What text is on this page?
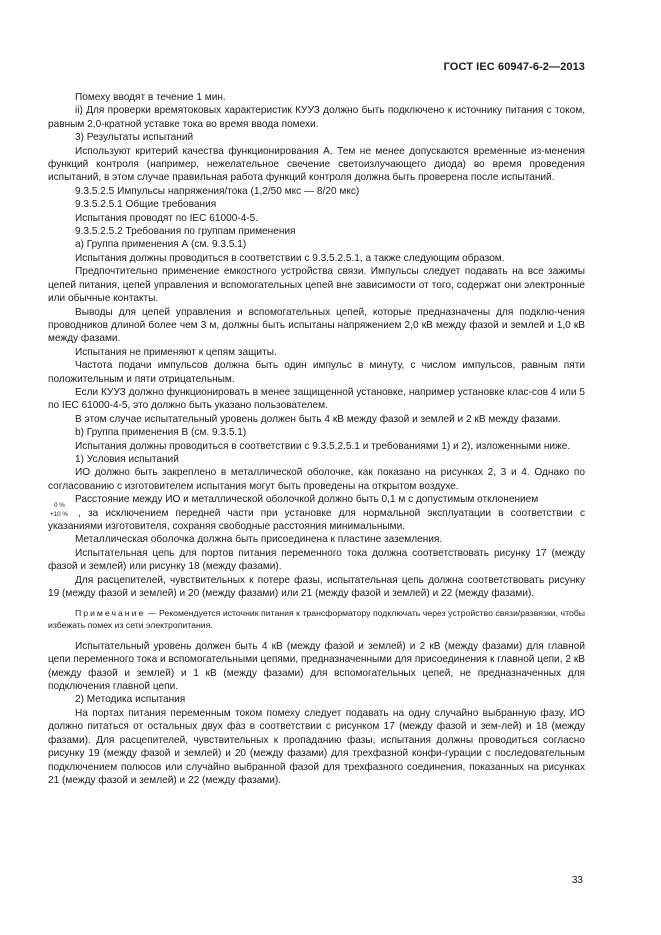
ГОСТ IEC 60947-6-2—2013

Помеху вводят в течение 1 мин.

ii) Для проверки времятоковых характеристик КУУЗ должно быть подключено к источнику питания с током, равным 2,0-кратной уставке тока во время ввода помехи.

3) Результаты испытаний

Используют критерий качества функционирования А. Тем не менее допускаются временные из-менения функций контроля (например, нежелательное свечение светоизлучающего диода) во время проведения испытаний, в этом случае правильная работа функций контроля должна быть проверена после испытаний.

9.3.5.2.5 Импульсы напряжения/тока (1,2/50 мкс — 8/20 мкс)

9.3.5.2.5.1 Общие требования

Испытания проводят по IEC 61000-4-5.

9.3.5.2.5.2 Требования по группам применения

а) Группа применения А (см. 9.3.5.1)

Испытания должны проводиться в соответствии с 9.3.5.2.5.1, а также следующим образом.

Предпочтительно применение емкостного устройства связи. Импульсы следует подавать на все зажимы цепей питания, цепей управления и вспомогательных цепей вне зависимости от того, содержат они электронные или обычные контакты.

Выводы для цепей управления и вспомогательных цепей, которые предназначены для подклю-чения проводников длиной более чем 3 м, должны быть испытаны напряжением 2,0 кВ между фазой и землей и 1,0 кВ между фазами.

Испытания не применяют к цепям защиты.

Частота подачи импульсов должна быть один импульс в минуту, с числом импульсов, равным пяти положительным и пяти отрицательным.

Если КУУЗ должно функционировать в менее защищенной установке, например установке клас-сов 4 или 5 по IEC 61000-4-5, это должно быть указано пользователем.

В этом случае испытательный уровень должен быть 4 кВ между фазой и землей и 2 кВ между фазами.

b) Группа применения В (см. 9.3.5.1)

Испытания должны проводиться в соответствии с 9.3.5.2.5.1 и требованиями 1) и 2), изложенными ниже.

1) Условия испытаний

ИО должно быть закреплено в металлической оболочке, как показано на рисунках 2, 3 и 4. Однако по согласованию с изготовителем испытания могут быть проведены на открытом воздухе.

Расстояние между ИО и металлической оболочкой должно быть 0,1 м с допустимым отклонением

0 %
+10 % , за исключением передней части при установке для нормальной эксплуатации в соответствии с указаниями изготовителя, сохраняя свободные расстояния минимальными.

Металлическая оболочка должна быть присоединена к пластине заземления.

Испытательная цепь для портов питания переменного тока должна соответствовать рисунку 17 (между фазой и землей) или рисунку 18 (между фазами).

Для расцепителей, чувствительных к потере фазы, испытательная цепь должна соответствовать рисунку 19 (между фазой и землей) и 20 (между фазами) или 21 (между фазой и землей) и 22 (между фазами).

Примечание — Рекомендуется источник питания к трансформатору подключать через устройство связи/развязки, чтобы избежать помех из сети электропитания.

Испытательный уровень должен быть 4 кВ (между фазой и землей) и 2 кВ (между фазами) для главной цепи переменного тока и вспомогательными цепями, предназначенными для присоединения к главной цепи, 2 кВ (между фазой и землей) и 1 кВ (между фазами) для вспомогательных цепей, не предназначенных для подключения главной цепи.

2) Методика испытания

На портах питания переменным током помеху следует подавать на одну случайно выбранную фазу, ИО должно питаться от остальных двух фаз в соответствии с рисунком 17 (между фазой и зем-лей) и 18 (между фазами). Для расцепителей, чувствительных к пропаданию фазы, испытания должны проводиться согласно рисунку 19 (между фазой и землей) и 20 (между фазами) для трехфазной конфи-гурации с последовательным подключением полюсов или случайно выбранной фазой для трехфазного соединения, показанных на рисунках 21 (между фазой и землей) и 22 (между фазами).

33
